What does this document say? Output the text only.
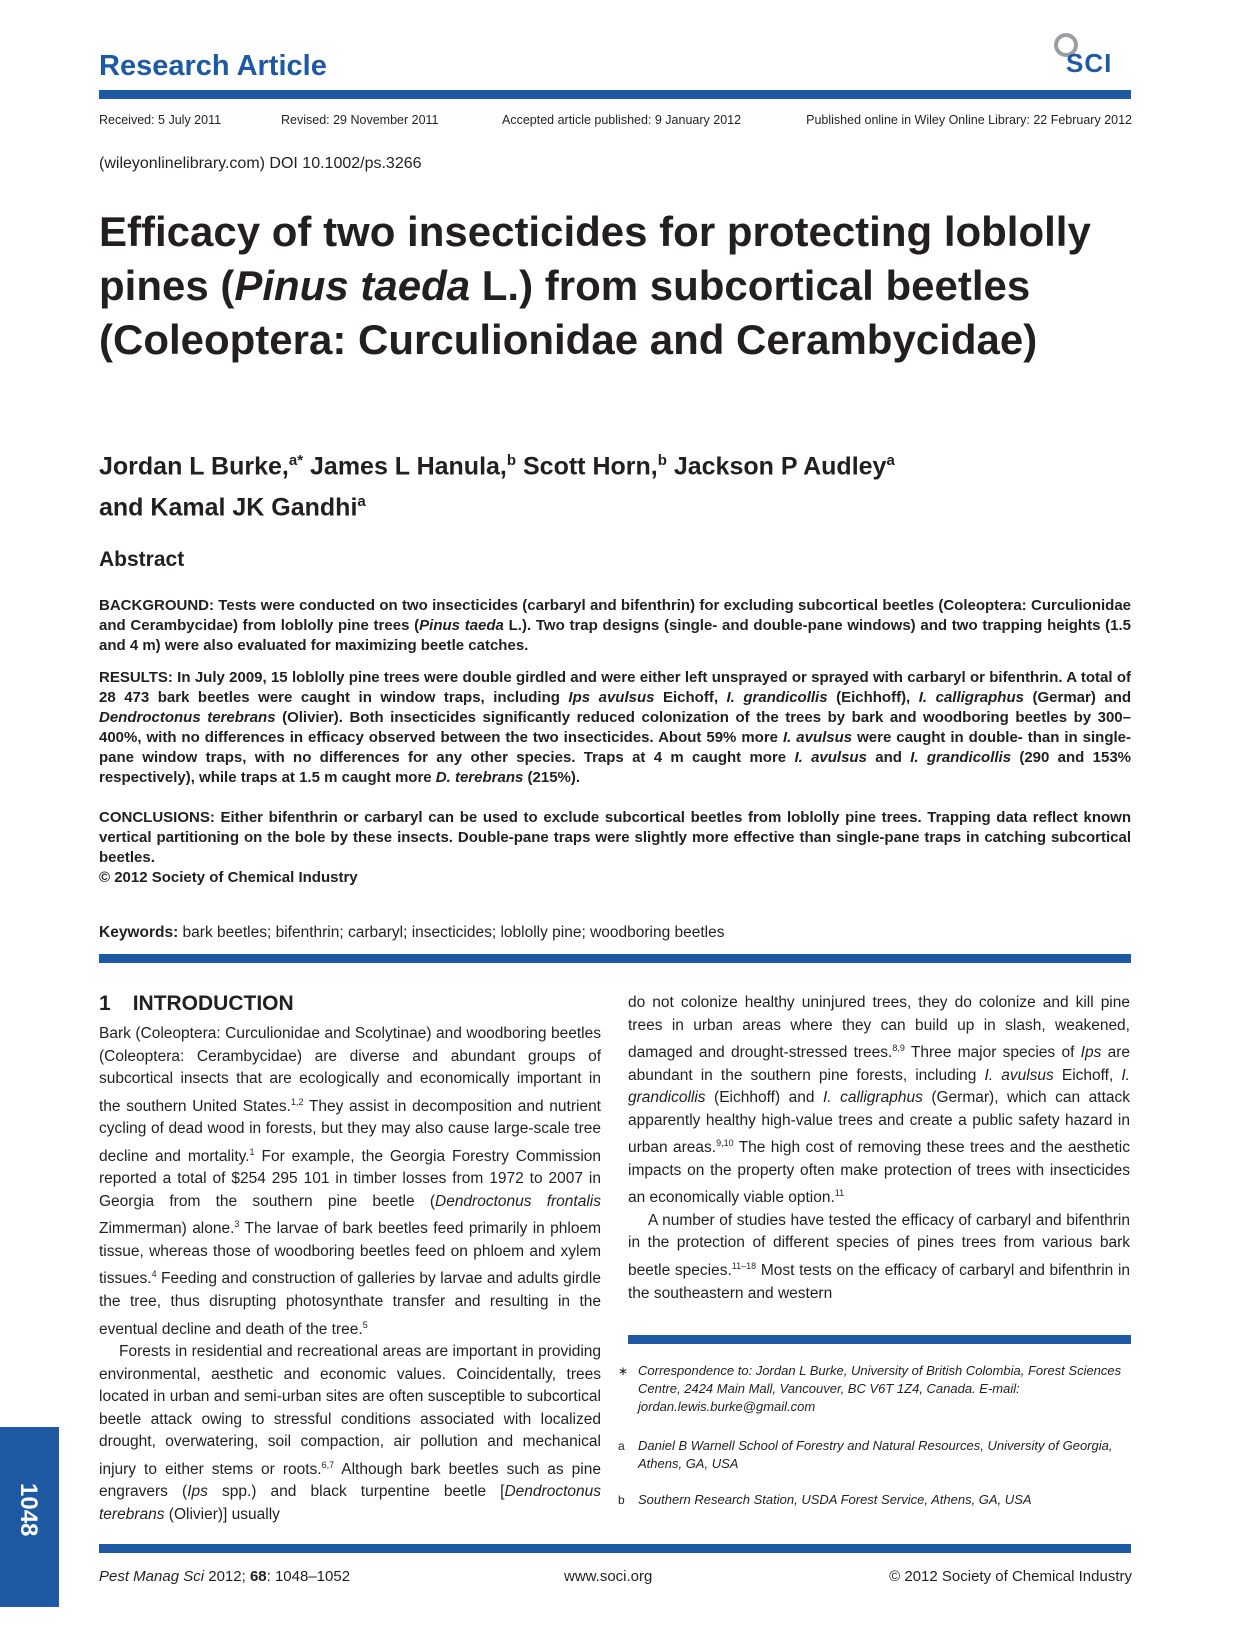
Research Article	SCI
Received: 5 July 2011	Revised: 29 November 2011	Accepted article published: 9 January 2012	Published online in Wiley Online Library: 22 February 2012
(wileyonlinelibrary.com) DOI 10.1002/ps.3266
Efficacy of two insecticides for protecting loblolly pines (Pinus taeda L.) from subcortical beetles (Coleoptera: Curculionidae and Cerambycidae)
Jordan L Burke,$^{a*}$ James L Hanula,$^b$ Scott Horn,$^b$ Jackson P Audley$^a$
and Kamal JK Gandhi$^a$
Abstract

BACKGROUND: Tests were conducted on two insecticides (carbaryl and bifenthrin) for excluding subcortical beetles (Coleoptera: Curculionidae and Cerambycidae) from loblolly pine trees (Pinus taeda L.). Two trap designs (single- and double-pane windows) and two trapping heights (1.5 and 4 m) were also evaluated for maximizing beetle catches.

RESULTS: In July 2009, 15 loblolly pine trees were double girdled and were either left unsprayed or sprayed with carbaryl or bifenthrin. A total of 28 473 bark beetles were caught in window traps, including Ips avulsus Eichoff, I. grandicollis (Eichhoff), I. calligraphus (Germar) and Dendroctonus terebrans (Olivier). Both insecticides significantly reduced colonization of the trees by bark and woodboring beetles by 300–400%, with no differences in efficacy observed between the two insecticides. About 59% more I. avulsus were caught in double- than in single-pane window traps, with no differences for any other species. Traps at 4 m caught more I. avulsus and I. grandicollis (290 and 153% respectively), while traps at 1.5 m caught more D. terebrans (215%).

CONCLUSIONS: Either bifenthrin or carbaryl can be used to exclude subcortical beetles from loblolly pine trees. Trapping data reflect known vertical partitioning on the bole by these insects. Double-pane traps were slightly more effective than single-pane traps in catching subcortical beetles.
© 2012 Society of Chemical Industry

Keywords: bark beetles; bifenthrin; carbaryl; insecticides; loblolly pine; woodboring beetles
1 INTRODUCTION

Bark (Coleoptera: Curculionidae and Scolytinae) and woodboring beetles (Coleoptera: Cerambycidae) are diverse and abundant groups of subcortical insects that are ecologically and economically important in the southern United States.$^{1,2}$ They assist in decomposition and nutrient cycling of dead wood in forests, but they may also cause large-scale tree decline and mortality.$^1$ For example, the Georgia Forestry Commission reported a total of $254 295 101 in timber losses from 1972 to 2007 in Georgia from the southern pine beetle (Dendroctonus frontalis Zimmerman) alone.$^3$ The larvae of bark beetles feed primarily in phloem tissue, whereas those of woodboring beetles feed on phloem and xylem tissues.$^4$ Feeding and construction of galleries by larvae and adults girdle the tree, thus disrupting photosynthate transfer and resulting in the eventual decline and death of the tree.$^5$

Forests in residential and recreational areas are important in providing environmental, aesthetic and economic values. Coincidentally, trees located in urban and semi-urban sites are often susceptible to subcortical beetle attack owing to stressful conditions associated with localized drought, overwatering, soil compaction, air pollution and mechanical injury to either stems or roots.$^{6,7}$ Although bark beetles such as pine engravers (Ips spp.) and black turpentine beetle [Dendroctonus terebrans (Olivier)] usually

do not colonize healthy uninjured trees, they do colonize and kill pine trees in urban areas where they can build up in slash, weakened, damaged and drought-stressed trees.$^{8,9}$ Three major species of Ips are abundant in the southern pine forests, including I. avulsus Eichoff, I. grandicollis (Eichhoff) and I. calligraphus (Germar), which can attack apparently healthy high-value trees and create a public safety hazard in urban areas.$^{9,10}$ The high cost of removing these trees and the aesthetic impacts on the property often make protection of trees with insecticides an economically viable option.$^{11}$

A number of studies have tested the efficacy of carbaryl and bifenthrin in the protection of different species of pines trees from various bark beetle species.$^{11-18}$ Most tests on the efficacy of carbaryl and bifenthrin in the southeastern and western

∗ Correspondence to: Jordan L Burke, University of British Colombia, Forest Sciences Centre, 2424 Main Mall, Vancouver, BC V6T 1Z4, Canada. E-mail: jordan.lewis.burke@gmail.com
a Daniel B Warnell School of Forestry and Natural Resources, University of Georgia, Athens, GA, USA
b Southern Research Station, USDA Forest Service, Athens, GA, USA
1048
Pest Manag Sci 2012; 68: 1048–1052	www.soci.org	© 2012 Society of Chemical Industry
